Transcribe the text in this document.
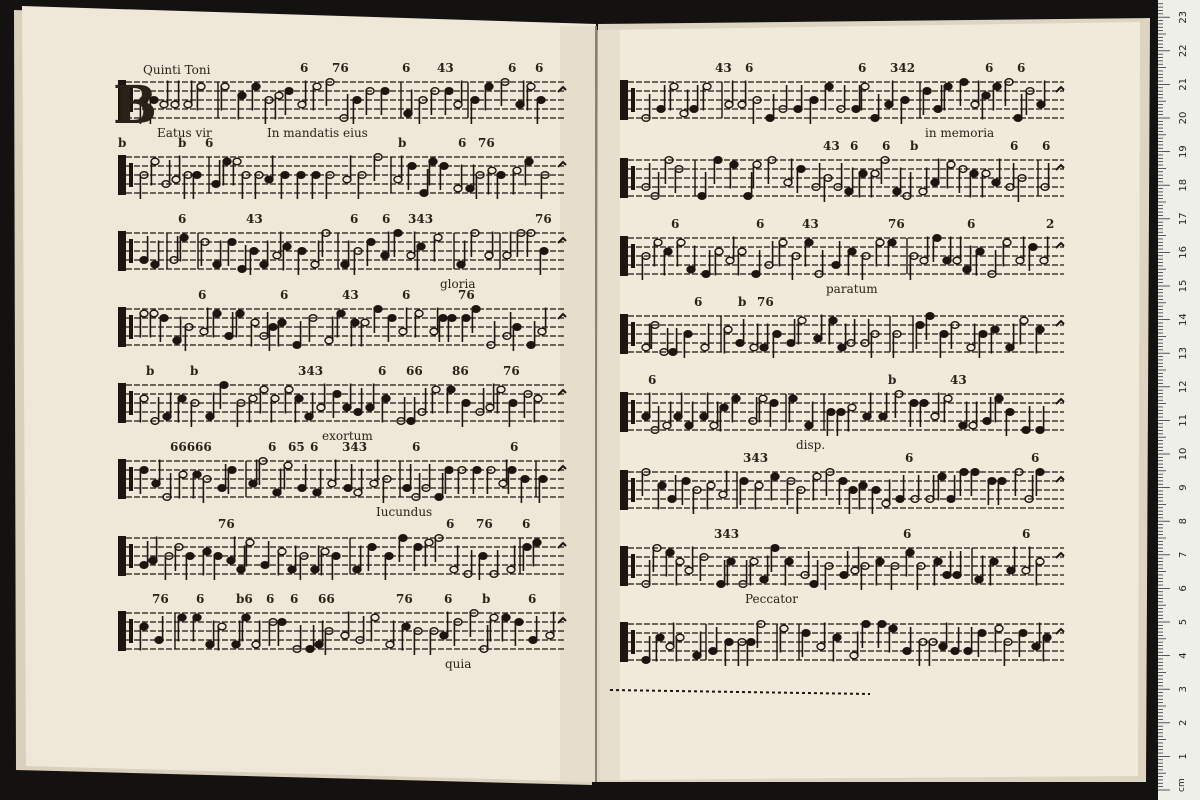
6 76	6 43	6 6
Eatus vir	In mandatis eius
b	b 6	b	6 76
6	43	6 6 343	76
gloria
6	6	43	6	76
b	b	343	6 66 86	76
exortum
66666	6 65 6 343	6	6
Iucundus
76	6 76 6
76 6	b6 6 6 66	76	6 b	6
quia
Quinti Toni
B
43 6	6 342	6 6
in memoria
43 6 6 b	6 6
6	6	43	76	6	2
paratum
6	76
b
6	b	43
disp.
343	6	6
343	6	6
Peccator
1
2
3
4
5
6
7
8
9
10
11
12
13
14
15
16
17
18
19
20
21
22
23
cm
